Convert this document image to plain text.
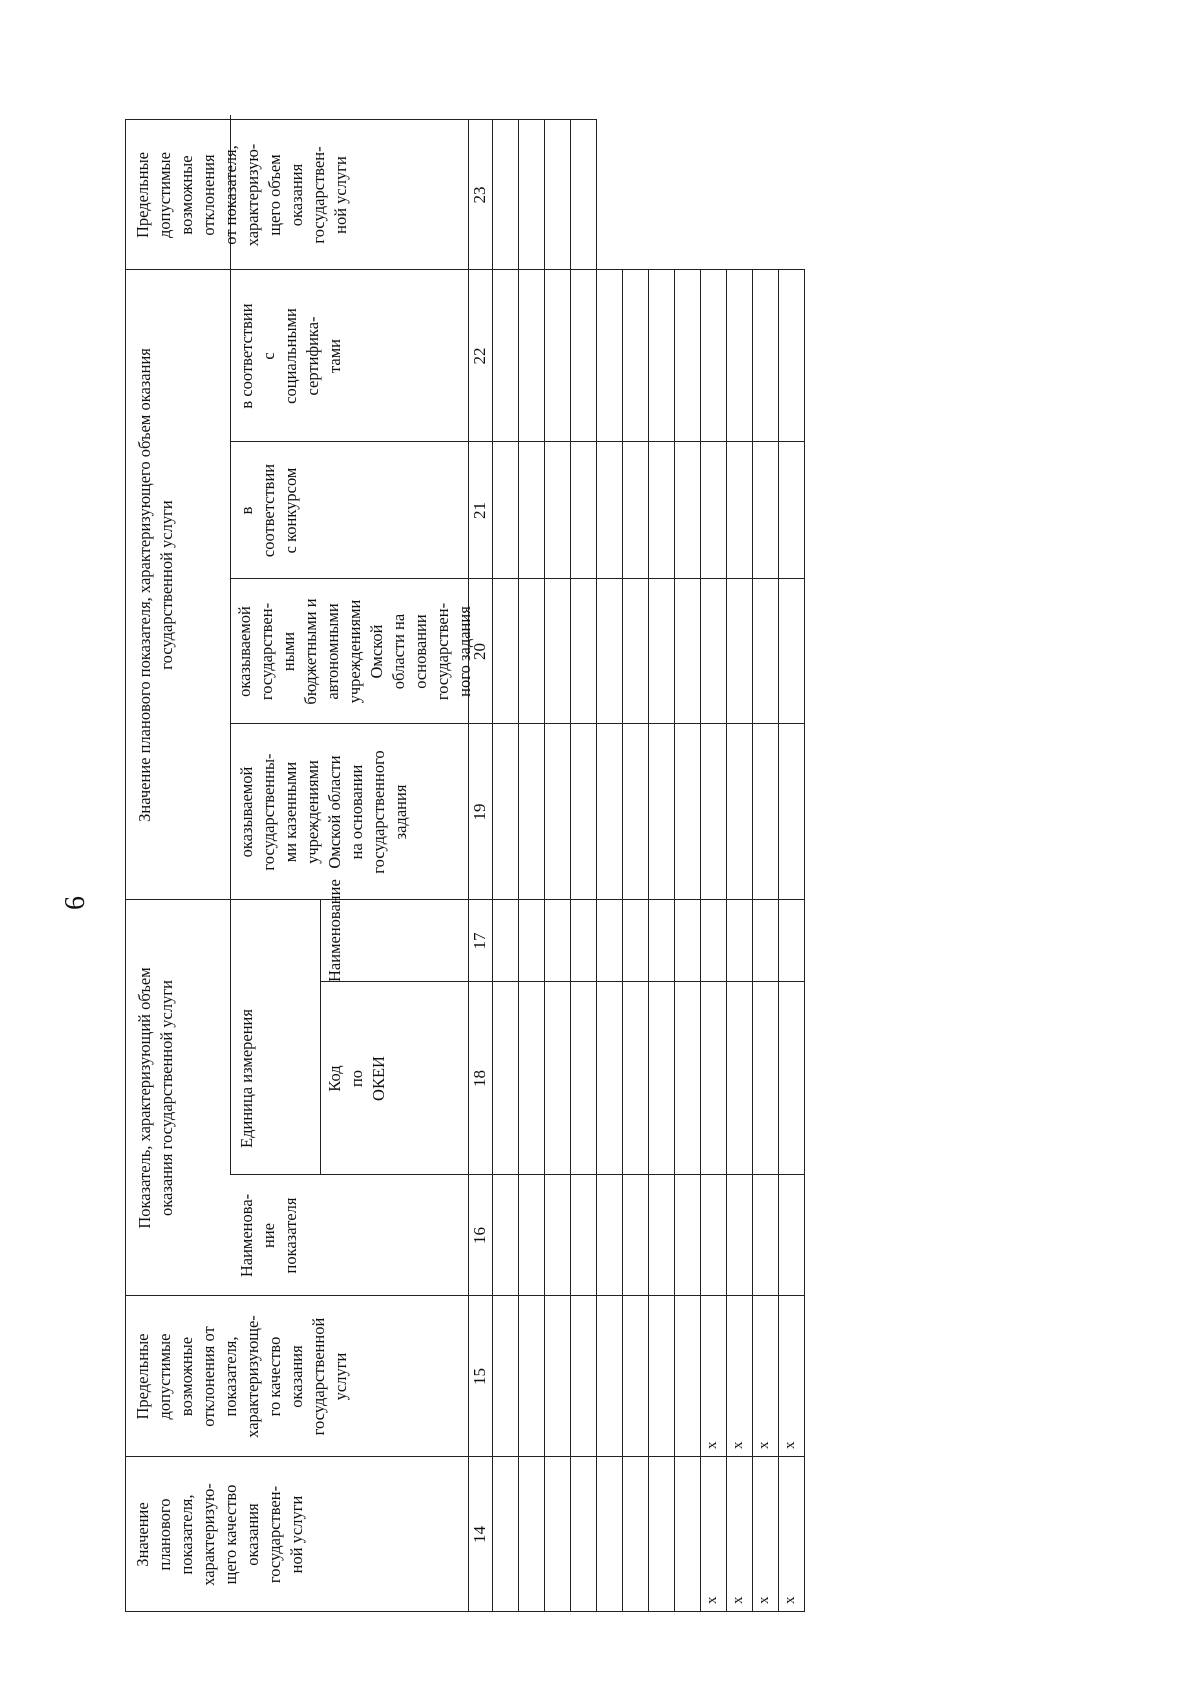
6
Значение
планового
показателя,
характеризую-
щего качество
оказания
государствен-
ной услуги
Предельные
допустимые
возможные
отклонения от
показателя,
характеризующе-
го качество
оказания
государственной
услуги
Показатель, характеризующий объем
оказания государственной услуги
Наименова-
ние
показателя
Единица измерения
Наименование
Код
по
ОКЕИ
Значение планового показателя, характеризующего объем оказания
государственной услуги
оказываемой
государственны-
ми казенными
учреждениями
Омской области
на основании
государственного
задания
оказываемой
государствен-
ными
бюджетными и
автономными
учреждениями
Омской
области на
основании
государствен-
ного задания
в
соответствии
с конкурсом
в соответствии
с
социальными
сертифика-
тами
Предельные
допустимые
возможные
отклонения
от показателя,
характеризую-
щего объем
оказания
государствен-
ной услуги
14
15
16
17
18
19
20
21
22
23
х х х х
х х х х
